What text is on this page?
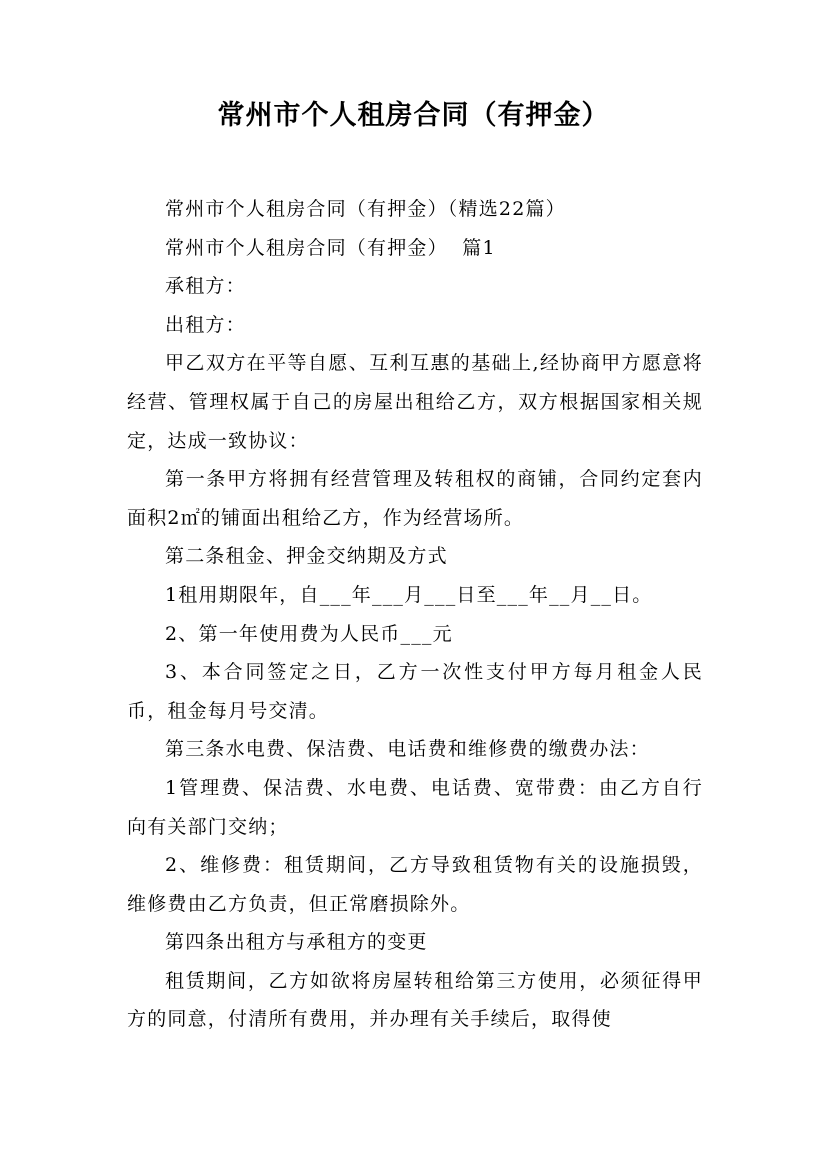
常州市个人租房合同（有押金）

常州市个人租房合同（有押金）（精选22篇）

常州市个人租房合同（有押金）  篇1

承租方：

出租方：

甲乙双方在平等自愿、互利互惠的基础上,经协商甲方愿意将经营、管理权属于自己的房屋出租给乙方，双方根据国家相关规定，达成一致协议：

第一条甲方将拥有经营管理及转租权的商铺，合同约定套内面积2㎡的铺面出租给乙方，作为经营场所。

第二条租金、押金交纳期及方式

1租用期限年，自___年___月___日至___年__月__日。

2、第一年使用费为人民币___元

3、本合同签定之日，乙方一次性支付甲方每月租金人民币，租金每月号交清。

第三条水电费、保洁费、电话费和维修费的缴费办法：

1管理费、保洁费、水电费、电话费、宽带费：由乙方自行向有关部门交纳；

2、维修费：租赁期间，乙方导致租赁物有关的设施损毁，维修费由乙方负责，但正常磨损除外。

第四条出租方与承租方的变更

租赁期间，乙方如欲将房屋转租给第三方使用，必须征得甲方的同意，付清所有费用，并办理有关手续后，取得使
